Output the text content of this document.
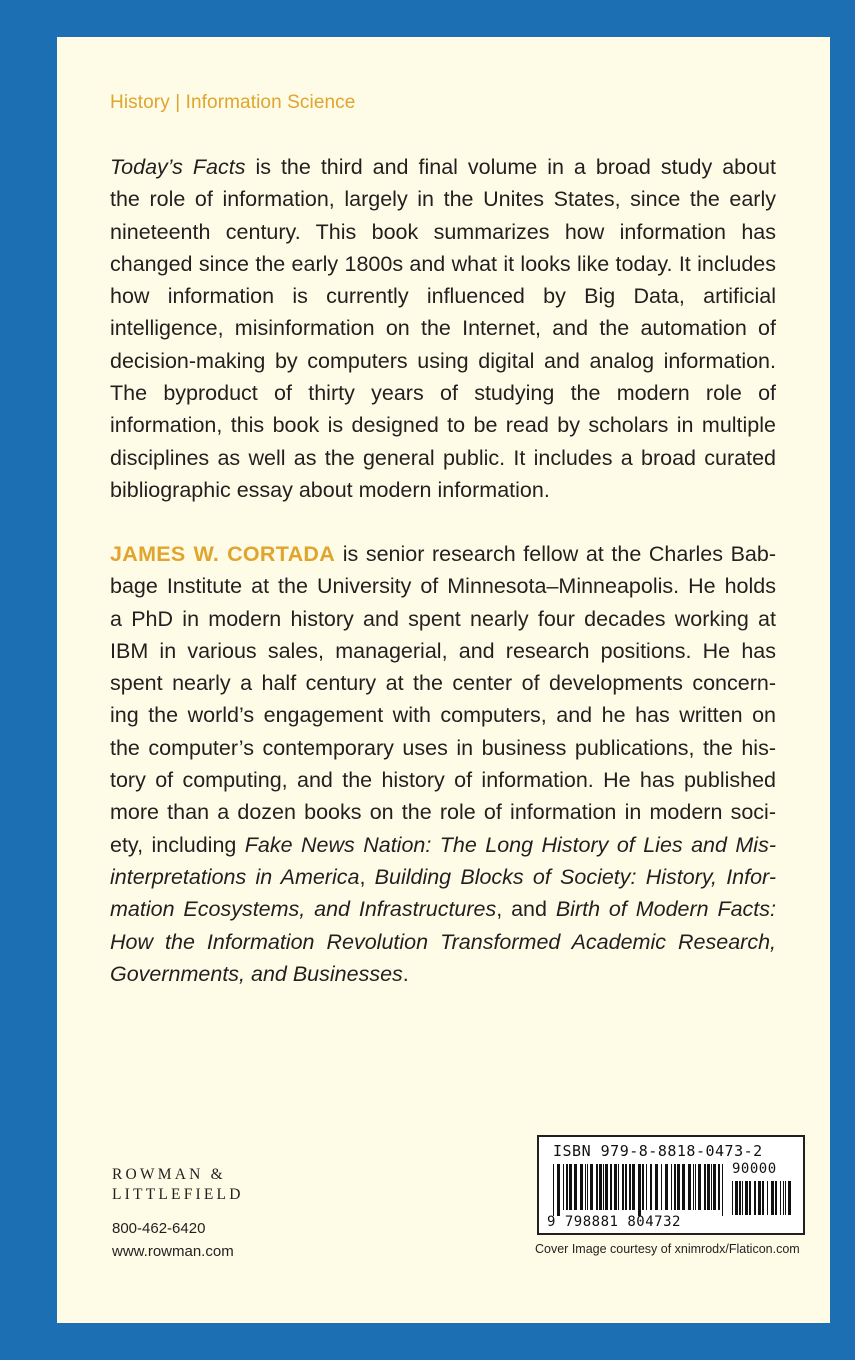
History | Information Science
Today’s Facts is the third and final volume in a broad study about
the role of information, largely in the Unites States, since the early
nineteenth century. This book summarizes how information has
changed since the early 1800s and what it looks like today. It includes
how information is currently influenced by Big Data, artificial
intelligence, misinformation on the Internet, and the automation of
decision-making by computers using digital and analog information.
The byproduct of thirty years of studying the modern role of
information, this book is designed to be read by scholars in multiple
disciplines as well as the general public. It includes a broad curated
bibliographic essay about modern information.
JAMES W. CORTADA is senior research fellow at the Charles Bab-
bage Institute at the University of Minnesota–Minneapolis. He holds
a PhD in modern history and spent nearly four decades working at
IBM in various sales, managerial, and research positions. He has
spent nearly a half century at the center of developments concern-
ing the world’s engagement with computers, and he has written on
the computer’s contemporary uses in business publications, the his-
tory of computing, and the history of information. He has published
more than a dozen books on the role of information in modern soci-
ety, including Fake News Nation: The Long History of Lies and Mis-
interpretations in America, Building Blocks of Society: History, Infor-
mation Ecosystems, and Infrastructures, and Birth of Modern Facts:
How the Information Revolution Transformed Academic Research,
Governments, and Businesses.
ROWMAN &
LITTLEFIELD
800-462-6420
www.rowman.com
ISBN 979-8-8818-0473-2
90000
9 798881 804732
Cover Image courtesy of xnimrodx/Flaticon.com
